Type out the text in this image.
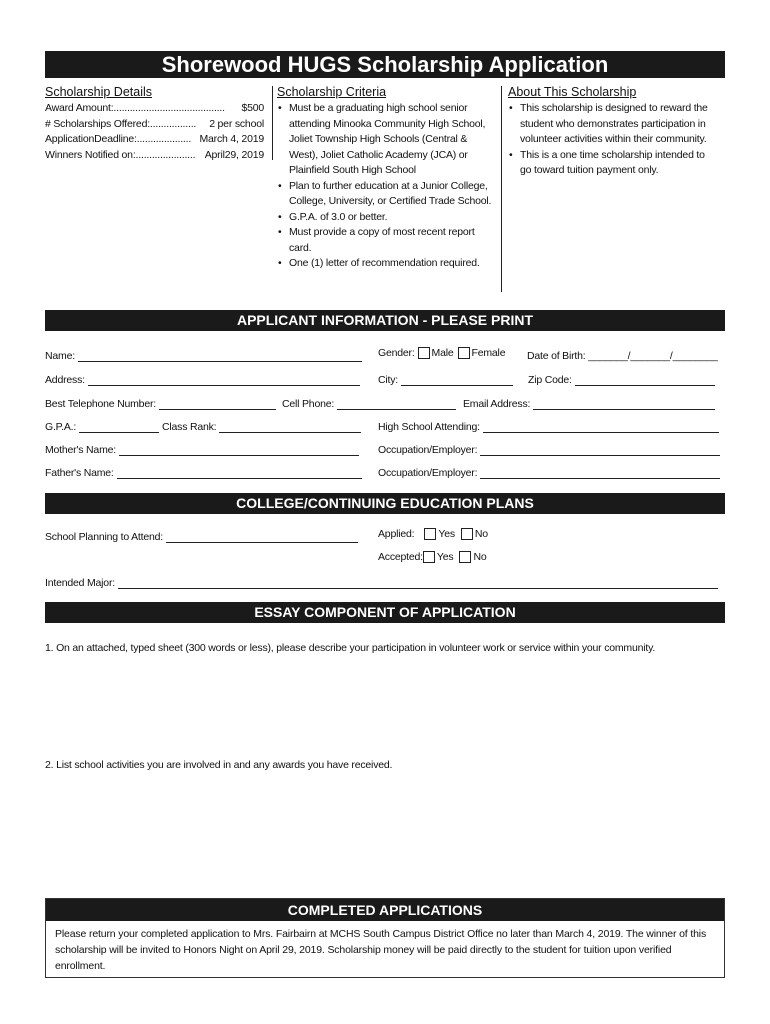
Shorewood HUGS Scholarship Application
Scholarship Details
Award Amount:......................................... $500
# Scholarships Offered:................. 2 per school
ApplicationDeadline:.................... March 4, 2019
Winners Notified on:...................... April29, 2019
Scholarship Criteria
• Must be a graduating high school senior attending Minooka Community High School, Joliet Township High Schools (Central & West), Joliet Catholic Academy (JCA) or Plainfield South High School
• Plan to further education at a Junior College, College, University, or Certified Trade School.
• G.P.A. of 3.0 or better.
• Must provide a copy of most recent report card.
• One (1) letter of recommendation required.
About This Scholarship
• This scholarship is designed to reward the student who demonstrates participation in volunteer activities within their community.
• This is a one time scholarship intended to go toward tuition payment only.
APPLICANT INFORMATION - PLEASE PRINT
Name:	Gender: Male Female Date of Birth: _______/_______/________
Address:	City:	Zip Code:
Best Telephone Number:	Cell Phone:	Email Address:
G.P.A.:	Class Rank:	High School Attending:
Mother's Name:	Occupation/Employer:
Father's Name:	Occupation/Employer:
COLLEGE/CONTINUING EDUCATION PLANS
School Planning to Attend:	Applied: Yes No
Accepted: Yes No
Intended Major:
ESSAY COMPONENT OF APPLICATION
1. On an attached, typed sheet (300 words or less), please describe your participation in volunteer work or service within your community.
2. List school activities you are involved in and any awards you have received.
COMPLETED APPLICATIONS
Please return your completed application to Mrs. Fairbairn at MCHS South Campus District Office no later than March 4, 2019. The winner of this scholarship will be invited to Honors Night on April 29, 2019. Scholarship money will be paid directly to the student for tuition upon verified enrollment.
